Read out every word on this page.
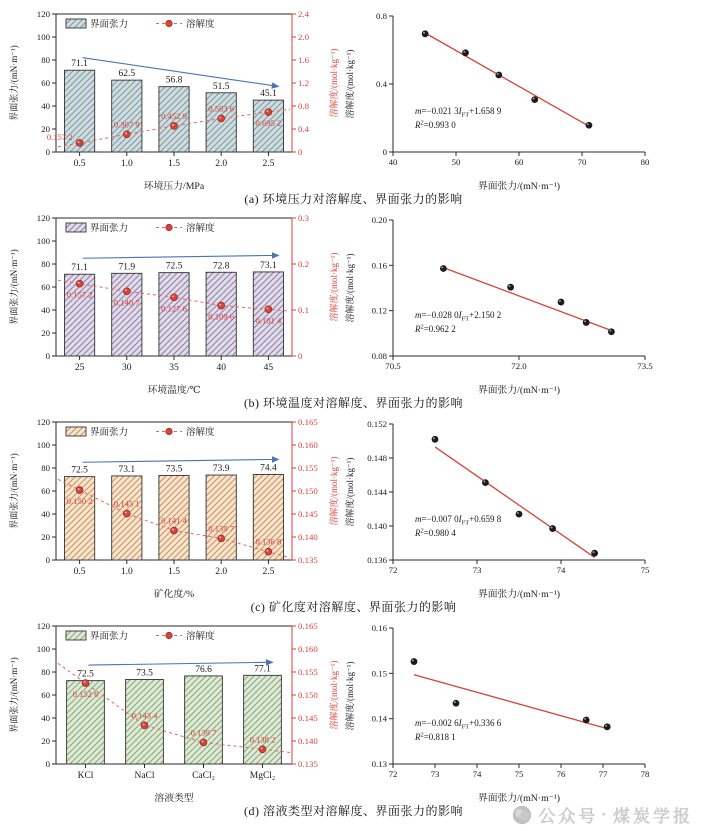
0
20
40
60
80
100
120
0
0.4
0.8
1.2
1.6
2.0
2.4
71.1
0.5
62.5
1.0
56.8
1.5
51.5
2.0
45.1
2.5
0.157 2
0.307 9
0.452 9
0.583 6
0.695 2
界面张力	溶解度
界面张力/(mN·m⁻¹)	溶解度/(mol·kg⁻¹)
环境压力/MPa
0
0.4
0.8
40	50	60	70	80
m=−0.021 $3I_{FT}+1.658$ 9
$R^2=0.993$ 0
溶解度/(mol·kg⁻¹)
界面张力/(mN·m⁻¹)
(a) 环境压力对溶解度、界面张力的影响
0
20
40
60
80
100
120
0
0.1
0.2
0.3
71.1
25
71.9
30
72.5
35
72.8
40
73.1
45
0.157 2
0.140 7
0.127 6
0.109 6 0.101 4
界面张力	溶解度
界面张力/(mN·m⁻¹)	溶解度/(mol·kg⁻¹)
环境温度/℃
0.08
0.12
0.16
0.20
70.5	72.0	73.5
m=−0.028 $0I_{FT}+2.150$ 2
$R^2=0.962$ 2
溶解度/(mol·kg⁻¹)
界面张力/(mN·m⁻¹)
(b) 环境温度对溶解度、界面张力的影响
0
20
40
60
80
100
120
0.135
0.140
0.145
0.150
0.155
0.160
0.165
72.5
0.5
73.1
1.0
73.5
1.5
73.9
2.0
74.4
2.5
0.150 2 0.145 1
0.141 4
0.139 7
0.136 8
界面张力	溶解度
界面张力/(mN·m⁻¹)	溶解度/(mol·kg⁻¹)
矿化度/%
0.136
0.140
0.144
0.148
0.152
72	73	74	75
m=−0.007 $0I_{FT}+0.659$ 8
$R^2=0.980$ 4
溶解度/(mol·kg⁻¹)
界面张力/(mN·m⁻¹)
(c) 矿化度对溶解度、界面张力的影响
0
20
40
60
80
100
120
0.135
0.140
0.145
0.150
0.155
0.160
0.165
72.5
KCl
73.5
NaCl
76.6
CaCl₂
77.1
MgCl₂
0.152 6
0.143 4
0.139 7
0.138 2
界面张力	溶解度
界面张力/(mN·m⁻¹)	溶解度/(mol·kg⁻¹)
溶液类型
0.13
0.14
0.15
0.16
72	73	74	75	76	77	78
m=−0.002 $6I_{FT}+0.336$ 6
$R^2=0.818$ 1
溶解度/(mol·kg⁻¹)
界面张力/(mN·m⁻¹)
(d) 溶液类型对溶解度、界面张力的影响	公众号 · 煤炭学报
